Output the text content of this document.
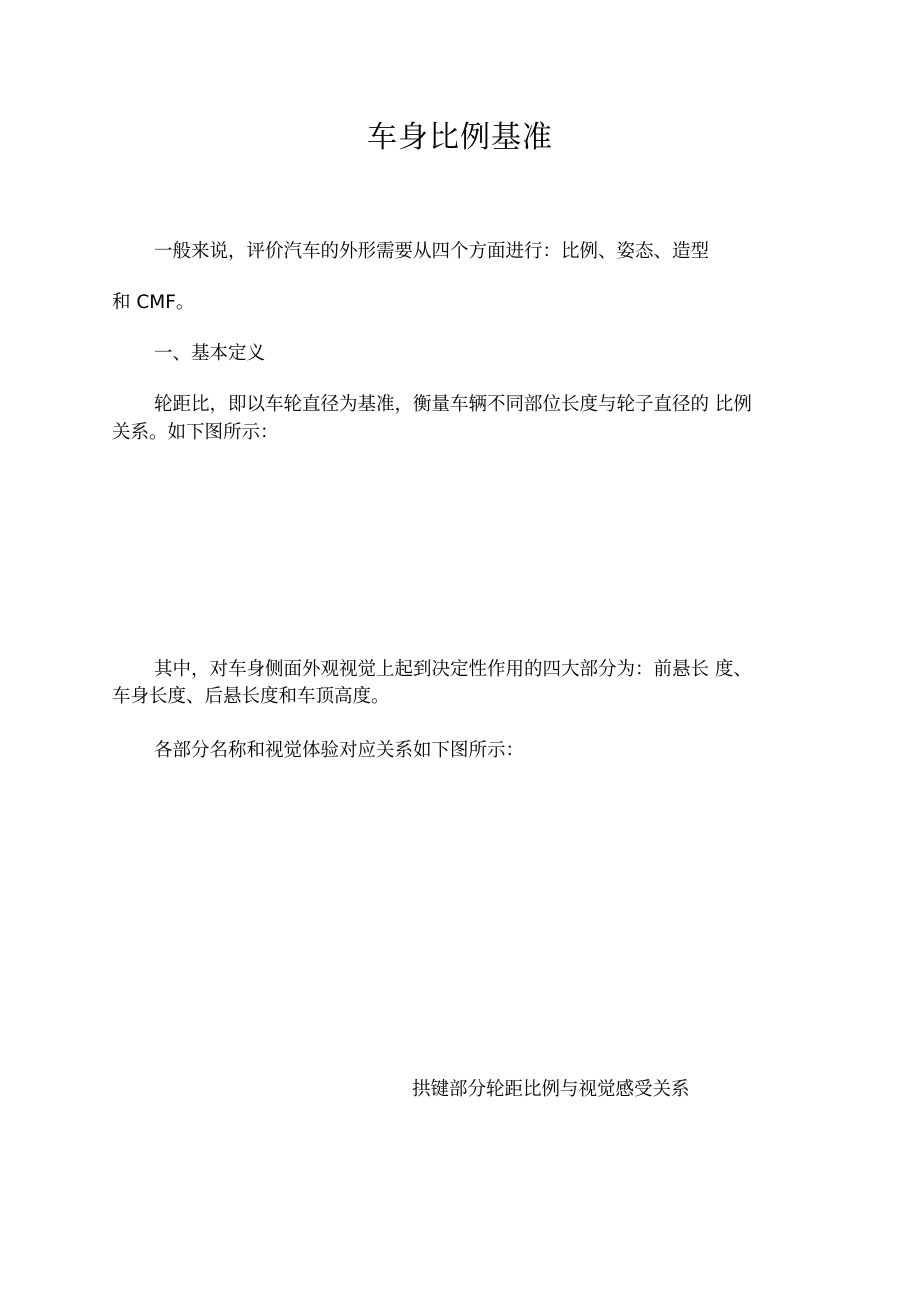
车身比例基准
一般来说，评价汽车的外形需要从四个方面进行：比例、姿态、造型
和 CMF。
一、基本定义
轮距比，即以车轮直径为基准，衡量车辆不同部位长度与轮子直径的 比例
关系。如下图所示：
其中，对车身侧面外观视觉上起到决定性作用的四大部分为：前悬长 度、
车身长度、后悬长度和车顶高度。
各部分名称和视觉体验对应关系如下图所示：
拱键部分轮距比例与视觉感受关系
